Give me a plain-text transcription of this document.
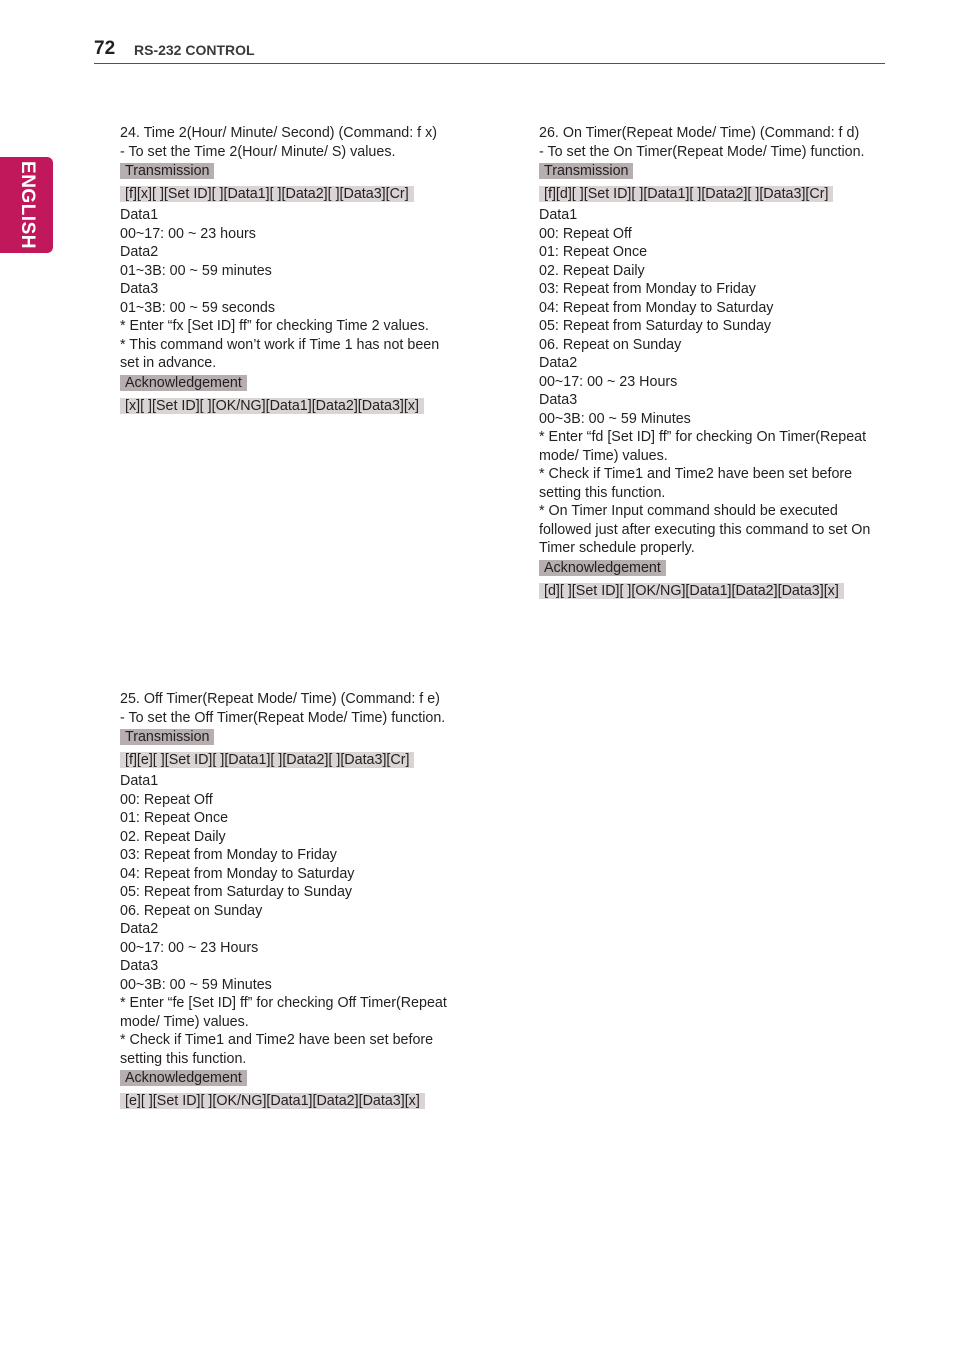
72 RS-232 CONTROL
ENGLISH
24. Time 2(Hour/ Minute/ Second) (Command: f x)
- To set the Time 2(Hour/ Minute/ S) values.
Transmission
[f][x][ ][Set ID][ ][Data1][ ][Data2][ ][Data3][Cr]
Data1
00~17: 00 ~ 23 hours
Data2
01~3B: 00 ~ 59 minutes
Data3
01~3B: 00 ~ 59 seconds
* Enter “fx [Set ID] ff” for checking Time 2 values.
* This command won’t work if Time 1 has not been
set in advance.
Acknowledgement
[x][ ][Set ID][ ][OK/NG][Data1][Data2][Data3][x]
25. Off Timer(Repeat Mode/ Time) (Command: f e)
- To set the Off Timer(Repeat Mode/ Time) function.
Transmission
[f][e][ ][Set ID][ ][Data1][ ][Data2][ ][Data3][Cr]
Data1
00: Repeat Off
01: Repeat Once
02. Repeat Daily
03: Repeat from Monday to Friday
04: Repeat from Monday to Saturday
05: Repeat from Saturday to Sunday
06. Repeat on Sunday
Data2
00~17: 00 ~ 23 Hours
Data3
00~3B: 00 ~ 59 Minutes
* Enter “fe [Set ID] ff” for checking Off Timer(Repeat
mode/ Time) values.
* Check if Time1 and Time2 have been set before
setting this function.
Acknowledgement
[e][ ][Set ID][ ][OK/NG][Data1][Data2][Data3][x]
26. On Timer(Repeat Mode/ Time) (Command: f d)
- To set the On Timer(Repeat Mode/ Time) function.
Transmission
[f][d][ ][Set ID][ ][Data1][ ][Data2][ ][Data3][Cr]
Data1
00: Repeat Off
01: Repeat Once
02. Repeat Daily
03: Repeat from Monday to Friday
04: Repeat from Monday to Saturday
05: Repeat from Saturday to Sunday
06. Repeat on Sunday
Data2
00~17: 00 ~ 23 Hours
Data3
00~3B: 00 ~ 59 Minutes
* Enter “fd [Set ID] ff” for checking On Timer(Repeat
mode/ Time) values.
* Check if Time1 and Time2 have been set before
setting this function.
* On Timer Input command should be executed
followed just after executing this command to set On
Timer schedule properly.
Acknowledgement
[d][ ][Set ID][ ][OK/NG][Data1][Data2][Data3][x]
